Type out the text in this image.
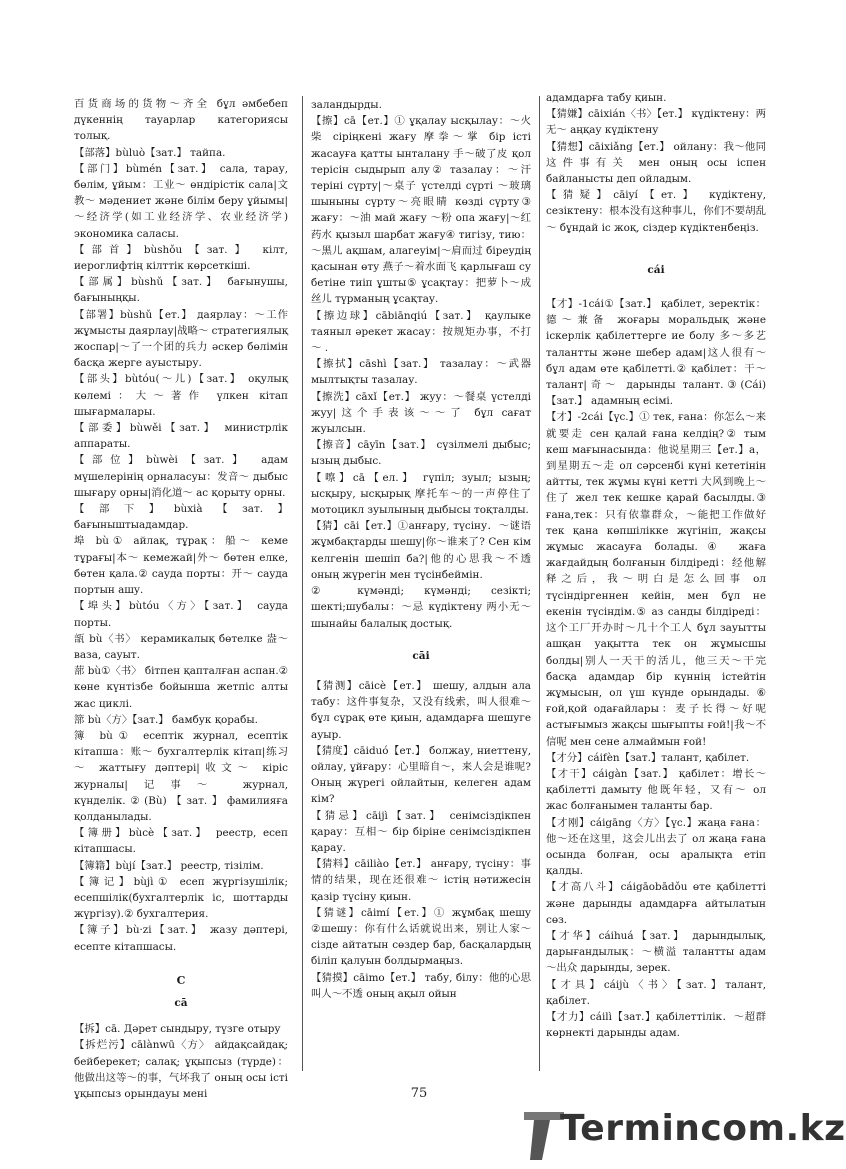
百货商场的货物～齐全 бұл әмбебеп дүкеннің тауарлар категориясы толық.

【部落】bùluò【зат.】 тайпа.

【部门】bùmén【зат.】 сала, тарау, бөлім, ұйым：工业～ өндірістік сала|文教～ мәдениет және білім беру ұйымы|～经济学(如工业经济学、农业经济学) экономика саласы.

【部首】bùshǒu【зат.】 кілт, иероглифтің кілттік көрсеткіші.

【部属】bùshǔ【зат.】 бағынушы, бағыныңқы.

【部署】bùshǔ【ет.】 даярлау：～工作 жұмысты даярлау|战略～ стратегиялық жоспар|～了一个团的兵力 әскер бөлімін басқа жерге ауыстыру.

【部头】bùtóu(～儿)【зат.】 оқулық көлемі：大～著作 үлкен кітап шығармалары.

【部委】bùwěi【зат.】 министрлік аппараты.

【部位】bùwèi【зат.】 адам мүшелерінің орналасуы：发音～ дыбыс шығару орны|消化道～ ас қорыту орны.

【部下】bùxià【зат.】 бағыныштыадамдар.

埠 bù① айлақ, тұрақ：船～ кеме тұрағы|本～ кемежай|外～ бөтен елке, бөтен қала.② сауда порты：开～ сауда портын ашу.

【埠头】bùtóu〈方〉【зат.】 сауда порты.

瓿 bù〈书〉 керамикалық бөтелке 盎～ваза, сауыт.

蔀 bù①〈书〉 бітпен қапталған аспан.② көне күнтізбе бойынша жетпіс алты жас циклі.

篰 bù〈方〉【зат.】 бамбук қорабы.

簿 bù① есептік журнал, есептік кітапша：账～ бухгалтерлік кітап|练习～ жаттығу дәптері|收文～ кіріс журналы|记事～ журнал, күнделік.②(Bù)【зат.】фамилияға қолданылады.

【簿册】bùcè【зат.】 реестр, есеп кітапшасы.

【簿籍】bùjí【зат.】 реестр, тізілім.

【簿记】bùjì① есеп жүргізушілік; есепшілік(бухгалтерлік іс, шоттарды жүргізу).② бухгалтерия.

【簿子】bù·zi【зат.】 жазу дәптері, есепте кітапшасы.

C

cā

【拆】cā. Дәрет сындыру, түзге отыру

【拆烂污】cālànwū〈方〉 айдақсайдақ; бейберекет; салақ; ұқыпсыз (түрде)：他做出这等～的事，气坏我了 оның осы істі ұқыпсыз орындауы мені

заландырды.

【擦】cā【ет.】① ұқалау ысқылау：～火柴 сіріңкені жағу 摩拳～掌 бір істі жасауға қатты ынталану 手～破了皮 қол терісін сыдырып алу② тазалау：～汗 теріні сүрту|～桌子 үстелді сүрті ～玻璃 шыныны сүрту～亮眼睛 көзді сүрту③ жағу：～油 май жағу ～粉 опа жағу|～红药水 қызыл шарбат жағу④ тигізу, тию：～黑儿 ақшам, алагеуім|～肩而过 біреудің қасынан өту 燕子～着水面飞 қарлығаш су бетіне тиіп ұшты⑤ ұсақтау：把萝卜～成丝儿 түрманың ұсақтау.

【擦边球】cābiānqiú【зат.】 қаулыке таяныл әрекет жасау：按规矩办事，不打～ .

【擦拭】cāshì【зат.】 тазалау：～武器 мылтықты тазалау.

【擦洗】cāxǐ【ет.】 жуу：～餐桌 үстелді жуу|这个手表该～～了 бұл сағат жуылсын.

【擦音】cāyīn【зат.】 сүзілмелі дыбыс; ызың дыбыс.

【嚓】cā【ел.】 гүпіл; зуыл; ызың; ысқыру, ысқырық 摩托车～的一声停住了 мотоцикл зуылының дыбысы тоқталды.

【猜】cāi【ет.】①анғару, түсіну．～谜语 жұмбақтарды шешу|你～谁来了? Сен кім келгенін шешіп ба?|他的心思我～不透 оның жүрегін мен түсінбеймін.

② күмәнді; күмәнді; сезікті; шекті;шубалы：～忌 күдіктену 两小无～ шынайы балалық достық.

cāi

【猜测】cāicè【ет.】 шешу, алдын ала табу：这件事复杂，又没有线索，叫人很难～ бұл сұрақ өте қиын, адамдарға шешуге ауыр.

【猜度】cāiduó【ет.】 болжау, ниеттену, ойлау, ұйғару：心里暗自～，来人会是谁呢? Оның жүрегі ойлайтын, келеген адам кім?

【猜忌】cāijì【зат.】 сенімсіздікпен қарау：互相～ бір біріне сенімсіздікпен қарау.

【猜料】cāiliào【ет.】 анғару, түсіну：事情的结果，现在还很难～ істің нәтижесін қазір түсіну қиын.

【猜谜】cāimí【ет.】① жұмбақ шешу ②шешу：你有什么话就说出来，别让人家～ сізде айтатын сөздер бар, басқалардың біліп қалуын болдырмаңыз.

【猜摸】cāimo【ет.】 табу, білу：他的心思叫人～不透 оның ақыл ойын

адамдарға табу қиын.

【猜嫌】cāixián〈书〉【ет.】 күдіктену：两无～ аңқау күдіктену

【猜想】cāixiǎng【ет.】 ойлану：我～他同这件事有关 мен оның осы іспен байланысты деп ойладым.

【猜疑】cāiyí【ет.】 күдіктену, сезіктену：根本没有这种事儿，你们不要胡乱～ бұндай іс жоқ, сіздер күдіктенбеңіз.

cái

【才】-1cái①【зат.】 қабілет, зеректік：德～兼备 жоғары моральдық және іскерлік қабілеттерге ие болу 多～多艺 талантты және шебер адам|这人很有～ бұл адам өте қабілетті.② қабілет：干～ талант|奇～ дарынды талант.③(Cái)【зат.】 адамның есімі.

【才】-2cái【үс.】① тек, ғана：你怎么～来就要走 сен қалай ғана келдің?② тым кеш мағынасында：他说星期三【ет.】а，到星期五～走 ол сәрсенбі күні кететінін айтты, тек жұмы күні кетті 大风到晚上～住了 жел тек кешке қарай басылды.③ ғана,тек：只有依靠群众，～能把工作做好 тек қана көпшілікке жүгініп, жақсы жұмыс жасауға болады.④ жаға жағдайдың болғанын білдіреді：经他解释之后，我～明白是怎么回事 ол түсіндіргеннен кейін, мен бұл не екенін түсіндім.⑤ аз санды білдіреді：这个工厂开办时～几十个工人 бұл зауытты ашқан уақытта тек он жұмысшы болды|别人一天干的活儿，他三天～干完 басқа адамдар бір күннің істейтін жұмысын, ол үш күнде орындады. ⑥ ғой,қой одағайлары：麦子长得～好呢 астығымыз жақсы шығыпты ғой!|我～不信呢 мен сене алмаймын ғой!

【才分】cáifèn【зат.】талант, қабілет.

【才干】cáigàn【зат.】 қабілет：增长～ қабілетті дамыту 他既年轻，又有～ ол жас болғанымен таланты бар.

【才刚】cáigāng〈方〉【үс.】жаңа ғана：他～还在这里，这会儿出去了 ол жаңа ғана осында болған, осы аралықта етіп қалды.

【才高八斗】cáigāobādǒu өте қабілетті және дарынды адамдарға айтылатын сөз.

【才华】cáihuá【зат.】 дарындылық, дарығандылық：～横溢 талантты адам ～出众 дарынды, зерек.

【才具】cáijù〈书〉【зат.】талант, қабілет.

【才力】cáilì【зат.】қабілеттілік．～超群 көрнекті дарынды адам.

75
Termincom.kz
